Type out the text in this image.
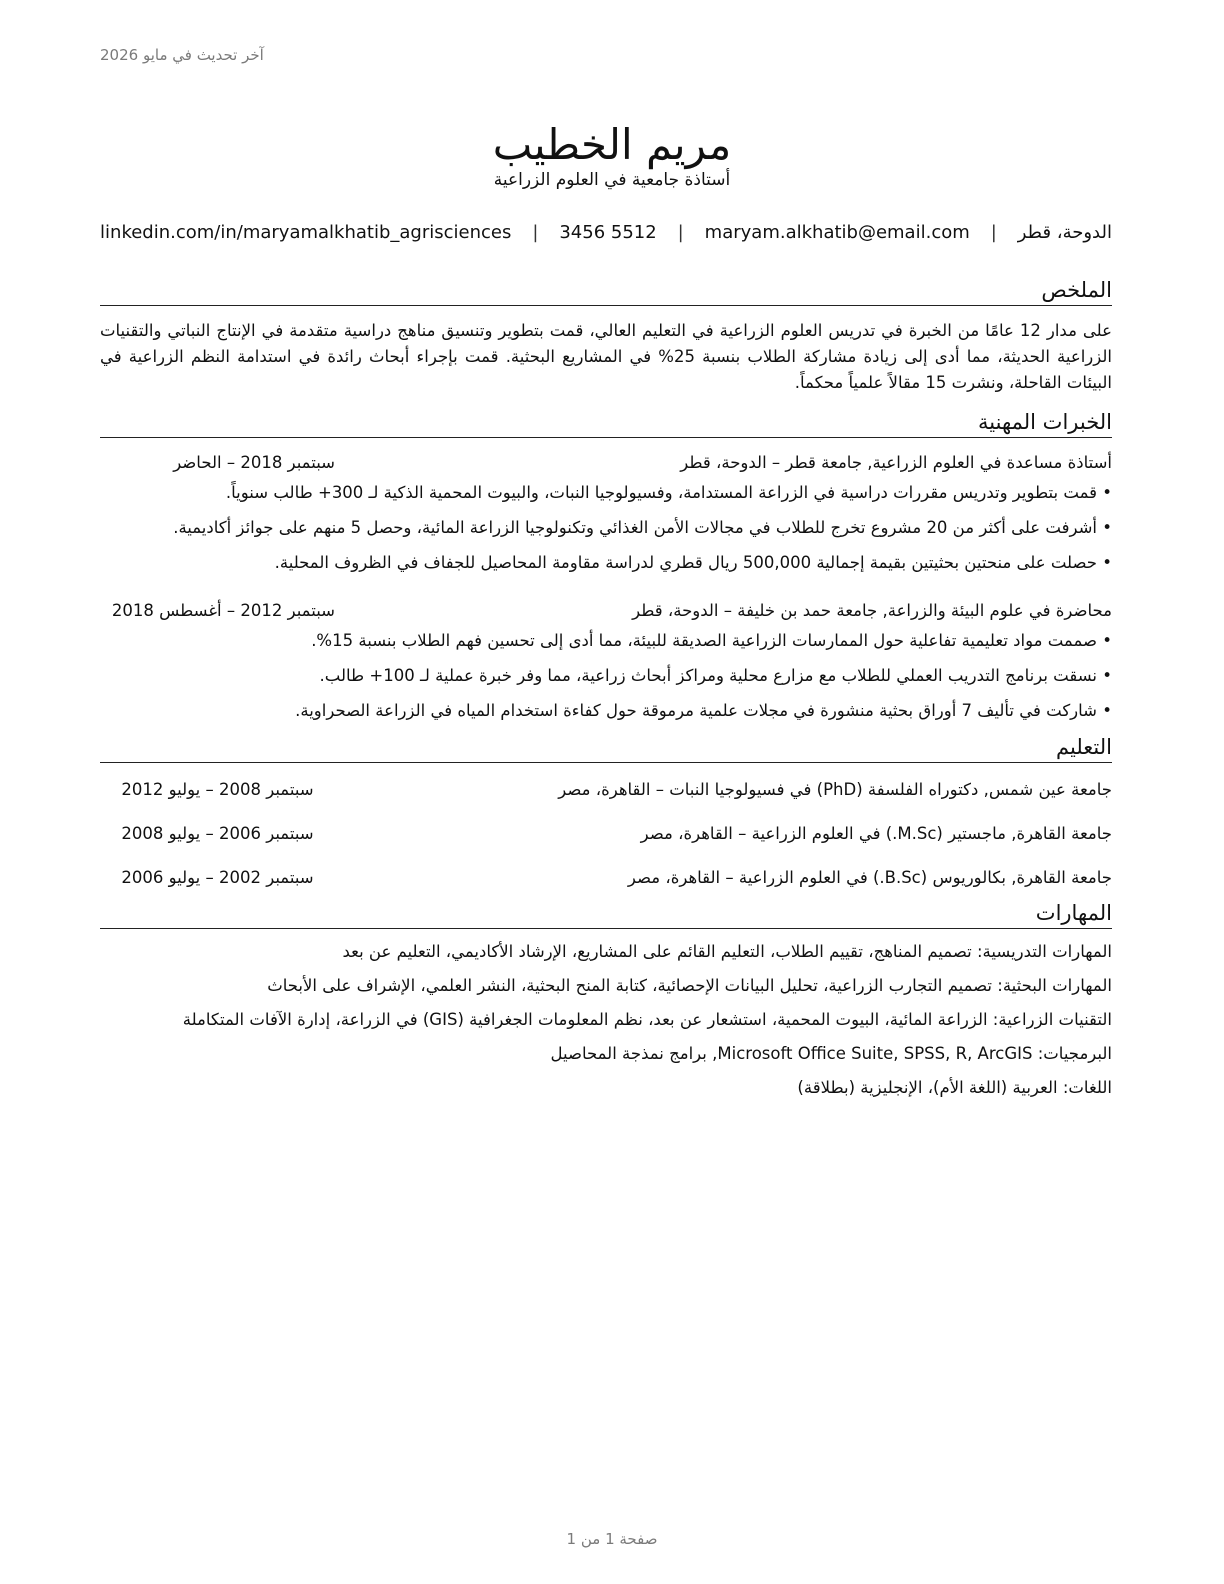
آخر تحديث في مايو 2026
مريم الخطيب
أستاذة جامعية في العلوم الزراعية
الدوحة، قطر
|
maryam.alkhatib@email.com
|
3456 5512
|
linkedin.com/in/maryamalkhatib_agrisciences
الملخص

على مدار 12 عامًا من الخبرة في تدريس العلوم الزراعية في التعليم العالي، قمت بتطوير وتنسيق مناهج دراسية متقدمة في الإنتاج النباتي والتقنيات الزراعية الحديثة، مما أدى إلى زيادة مشاركة الطلاب بنسبة 25% في المشاريع البحثية. قمت بإجراء أبحاث رائدة في استدامة النظم الزراعية في البيئات القاحلة، ونشرت 15 مقالاً علمياً محكماً.

الخبرات المهنية
أستاذة مساعدة في العلوم الزراعية, جامعة قطر – الدوحة، قطر
سبتمبر 2018 – الحاضر
• قمت بتطوير وتدريس مقررات دراسية في الزراعة المستدامة، وفسيولوجيا النبات، والبيوت المحمية الذكية لـ 300+ طالب سنوياً.
• أشرفت على أكثر من 20 مشروع تخرج للطلاب في مجالات الأمن الغذائي وتكنولوجيا الزراعة المائية، وحصل 5 منهم على جوائز أكاديمية.
• حصلت على منحتين بحثيتين بقيمة إجمالية 500,000 ريال قطري لدراسة مقاومة المحاصيل للجفاف في الظروف المحلية.
محاضرة في علوم البيئة والزراعة, جامعة حمد بن خليفة – الدوحة، قطر
سبتمبر 2012 – أغسطس 2018
• صممت مواد تعليمية تفاعلية حول الممارسات الزراعية الصديقة للبيئة، مما أدى إلى تحسين فهم الطلاب بنسبة 15%.
• نسقت برنامج التدريب العملي للطلاب مع مزارع محلية ومراكز أبحاث زراعية، مما وفر خبرة عملية لـ 100+ طالب.
• شاركت في تأليف 7 أوراق بحثية منشورة في مجلات علمية مرموقة حول كفاءة استخدام المياه في الزراعة الصحراوية.
التعليم
جامعة عين شمس, دكتوراه الفلسفة (PhD) في فسيولوجيا النبات – القاهرة، مصر
سبتمبر 2008 – يوليو 2012
جامعة القاهرة, ماجستير (M.Sc.) في العلوم الزراعية – القاهرة، مصر
سبتمبر 2006 – يوليو 2008
جامعة القاهرة, بكالوريوس (B.Sc.) في العلوم الزراعية – القاهرة، مصر
سبتمبر 2002 – يوليو 2006
المهارات
المهارات التدريسية: تصميم المناهج، تقييم الطلاب، التعليم القائم على المشاريع، الإرشاد الأكاديمي، التعليم عن بعد
المهارات البحثية: تصميم التجارب الزراعية، تحليل البيانات الإحصائية، كتابة المنح البحثية، النشر العلمي، الإشراف على الأبحاث
التقنيات الزراعية: الزراعة المائية، البيوت المحمية، استشعار عن بعد، نظم المعلومات الجغرافية (GIS) في الزراعة، إدارة الآفات المتكاملة
البرمجيات: Microsoft Office Suite, SPSS, R, ArcGIS, برامج نمذجة المحاصيل
اللغات: العربية (اللغة الأم)، الإنجليزية (بطلاقة)
صفحة 1 من 1
